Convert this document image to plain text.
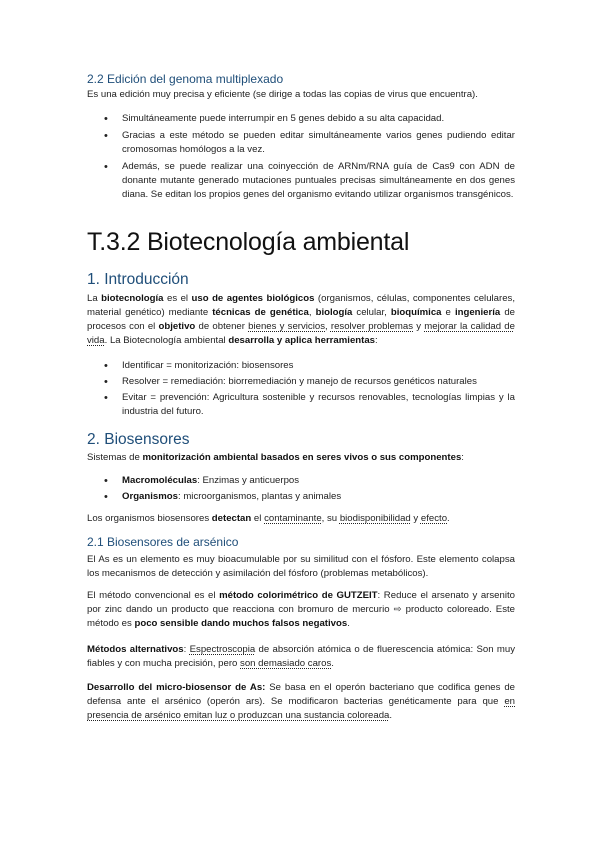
2.2 Edición del genoma multiplexado
Es una edición muy precisa y eficiente (se dirige a todas las copias de virus que encuentra).
• Simultáneamente puede interrumpir en 5 genes debido a su alta capacidad.
• Gracias a este método se pueden editar simultáneamente varios genes pudiendo editar cromosomas homólogos a la vez.
• Además, se puede realizar una coinyección de ARNm/RNA guía de Cas9 con ADN de donante mutante generado mutaciones puntuales precisas simultáneamente en dos genes diana. Se editan los propios genes del organismo evitando utilizar organismos transgénicos.
T.3.2 Biotecnología ambiental
1. Introducción
La biotecnología es el uso de agentes biológicos (organismos, células, componentes celulares, material genético) mediante técnicas de genética, biología celular, bioquímica e ingeniería de procesos con el objetivo de obtener bienes y servicios, resolver problemas y mejorar la calidad de vida. La Biotecnología ambiental desarrolla y aplica herramientas:
• Identificar = monitorización: biosensores
• Resolver = remediación: biorremediación y manejo de recursos genéticos naturales
• Evitar = prevención: Agricultura sostenible y recursos renovables, tecnologías limpias y la industria del futuro.
2. Biosensores
Sistemas de monitorización ambiental basados en seres vivos o sus componentes:
• Macromoléculas: Enzimas y anticuerpos
• Organismos: microorganismos, plantas y animales
Los organismos biosensores detectan el contaminante, su biodisponibilidad y efecto.
2.1 Biosensores de arsénico
El As es un elemento es muy bioacumulable por su similitud con el fósforo. Este elemento colapsa los mecanismos de detección y asimilación del fósforo (problemas metabólicos).
El método convencional es el método colorimétrico de GUTZEIT: Reduce el arsenato y arsenito por zinc dando un producto que reacciona con bromuro de mercurio ⇨ producto coloreado. Este método es poco sensible dando muchos falsos negativos.
Métodos alternativos: Espectroscopia de absorción atómica o de fluerescencia atómica: Son muy fiables y con mucha precisión, pero son demasiado caros.
Desarrollo del micro-biosensor de As: Se basa en el operón bacteriano que codifica genes de defensa ante el arsénico (operón ars). Se modificaron bacterias genéticamente para que en presencia de arsénico emitan luz o produzcan una sustancia coloreada.
